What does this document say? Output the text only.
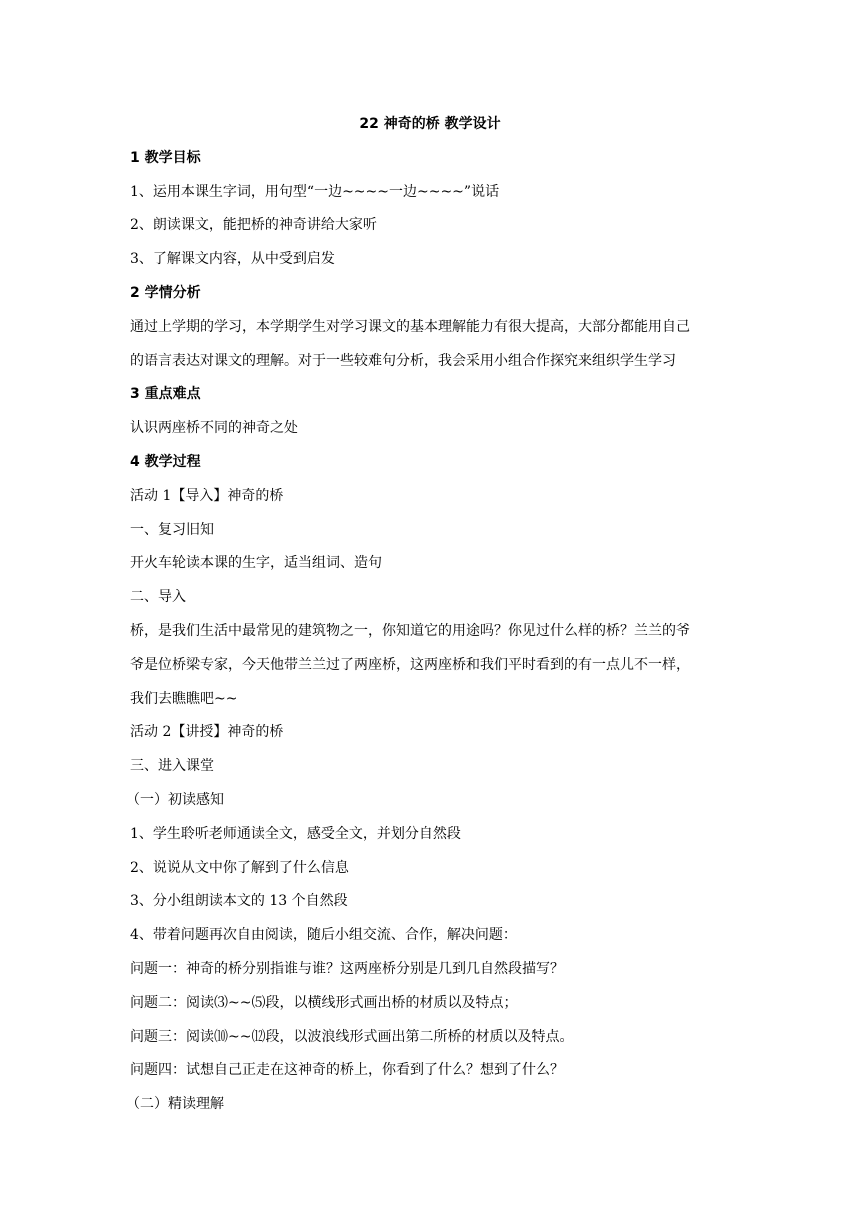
22 神奇的桥 教学设计
1 教学目标
1、运用本课生字词，用句型“一边~~~~一边~~~~”说话
2、朗读课文，能把桥的神奇讲给大家听
3、了解课文内容，从中受到启发
2 学情分析
通过上学期的学习，本学期学生对学习课文的基本理解能力有很大提高，大部分都能用自己
的语言表达对课文的理解。对于一些较难句分析，我会采用小组合作探究来组织学生学习
3 重点难点
认识两座桥不同的神奇之处
4 教学过程
活动 1【导入】神奇的桥
一、复习旧知
开火车轮读本课的生字，适当组词、造句
二、导入
桥，是我们生活中最常见的建筑物之一，你知道它的用途吗？你见过什么样的桥？兰兰的爷
爷是位桥梁专家，今天他带兰兰过了两座桥，这两座桥和我们平时看到的有一点儿不一样，
我们去瞧瞧吧~~
活动 2【讲授】神奇的桥
三、进入课堂
（一）初读感知
1、学生聆听老师通读全文，感受全文，并划分自然段
2、说说从文中你了解到了什么信息
3、分小组朗读本文的 13 个自然段
4、带着问题再次自由阅读，随后小组交流、合作，解决问题：
问题一：神奇的桥分别指谁与谁？这两座桥分别是几到几自然段描写？
问题二：阅读⑶~~⑸段，以横线形式画出桥的材质以及特点；
问题三：阅读⑽~~⑿段，以波浪线形式画出第二所桥的材质以及特点。
问题四：试想自己正走在这神奇的桥上，你看到了什么？想到了什么？
（二）精读理解
